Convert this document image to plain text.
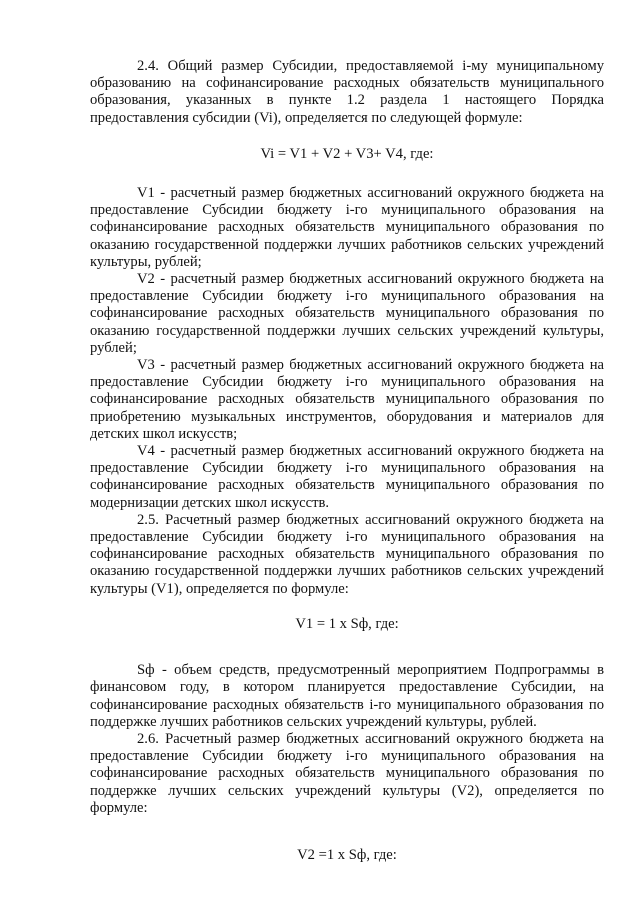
2.4. Общий размер Субсидии, предоставляемой i-му муниципальному образованию на софинансирование расходных обязательств муниципального образования, указанных в пункте 1.2 раздела 1 настоящего Порядка предоставления субсидии (Vi), определяется по следующей формуле:

Vi = V1 + V2 + V3+ V4, где:

V1 - расчетный размер бюджетных ассигнований окружного бюджета на предоставление Субсидии бюджету i-го муниципального образования на софинансирование расходных обязательств муниципального образования по оказанию государственной поддержки лучших работников сельских учреждений культуры, рублей;

V2 - расчетный размер бюджетных ассигнований окружного бюджета на предоставление Субсидии бюджету i-го муниципального образования на софинансирование расходных обязательств муниципального образования по оказанию государственной поддержки лучших сельских учреждений культуры, рублей;

V3 - расчетный размер бюджетных ассигнований окружного бюджета на предоставление Субсидии бюджету i-го муниципального образования на софинансирование расходных обязательств муниципального образования по приобретению музыкальных инструментов, оборудования и материалов для детских школ искусств;

V4 - расчетный размер бюджетных ассигнований окружного бюджета на предоставление Субсидии бюджету i-го муниципального образования на софинансирование расходных обязательств муниципального образования по модернизации детских школ искусств.

2.5. Расчетный размер бюджетных ассигнований окружного бюджета на предоставление Субсидии бюджету i-го муниципального образования на софинансирование расходных обязательств муниципального образования по оказанию государственной поддержки лучших работников сельских учреждений культуры (V1), определяется по формуле:

V1 = 1 x Sф, где:

Sф - объем средств, предусмотренный мероприятием Подпрограммы в финансовом году, в котором планируется предоставление Субсидии, на софинансирование расходных обязательств i-го муниципального образования по поддержке лучших работников сельских учреждений культуры, рублей.

2.6. Расчетный размер бюджетных ассигнований окружного бюджета на предоставление Субсидии бюджету i-го муниципального образования на софинансирование расходных обязательств муниципального образования по поддержке лучших сельских учреждений культуры (V2), определяется по формуле:

V2 =1 x Sф, где:
